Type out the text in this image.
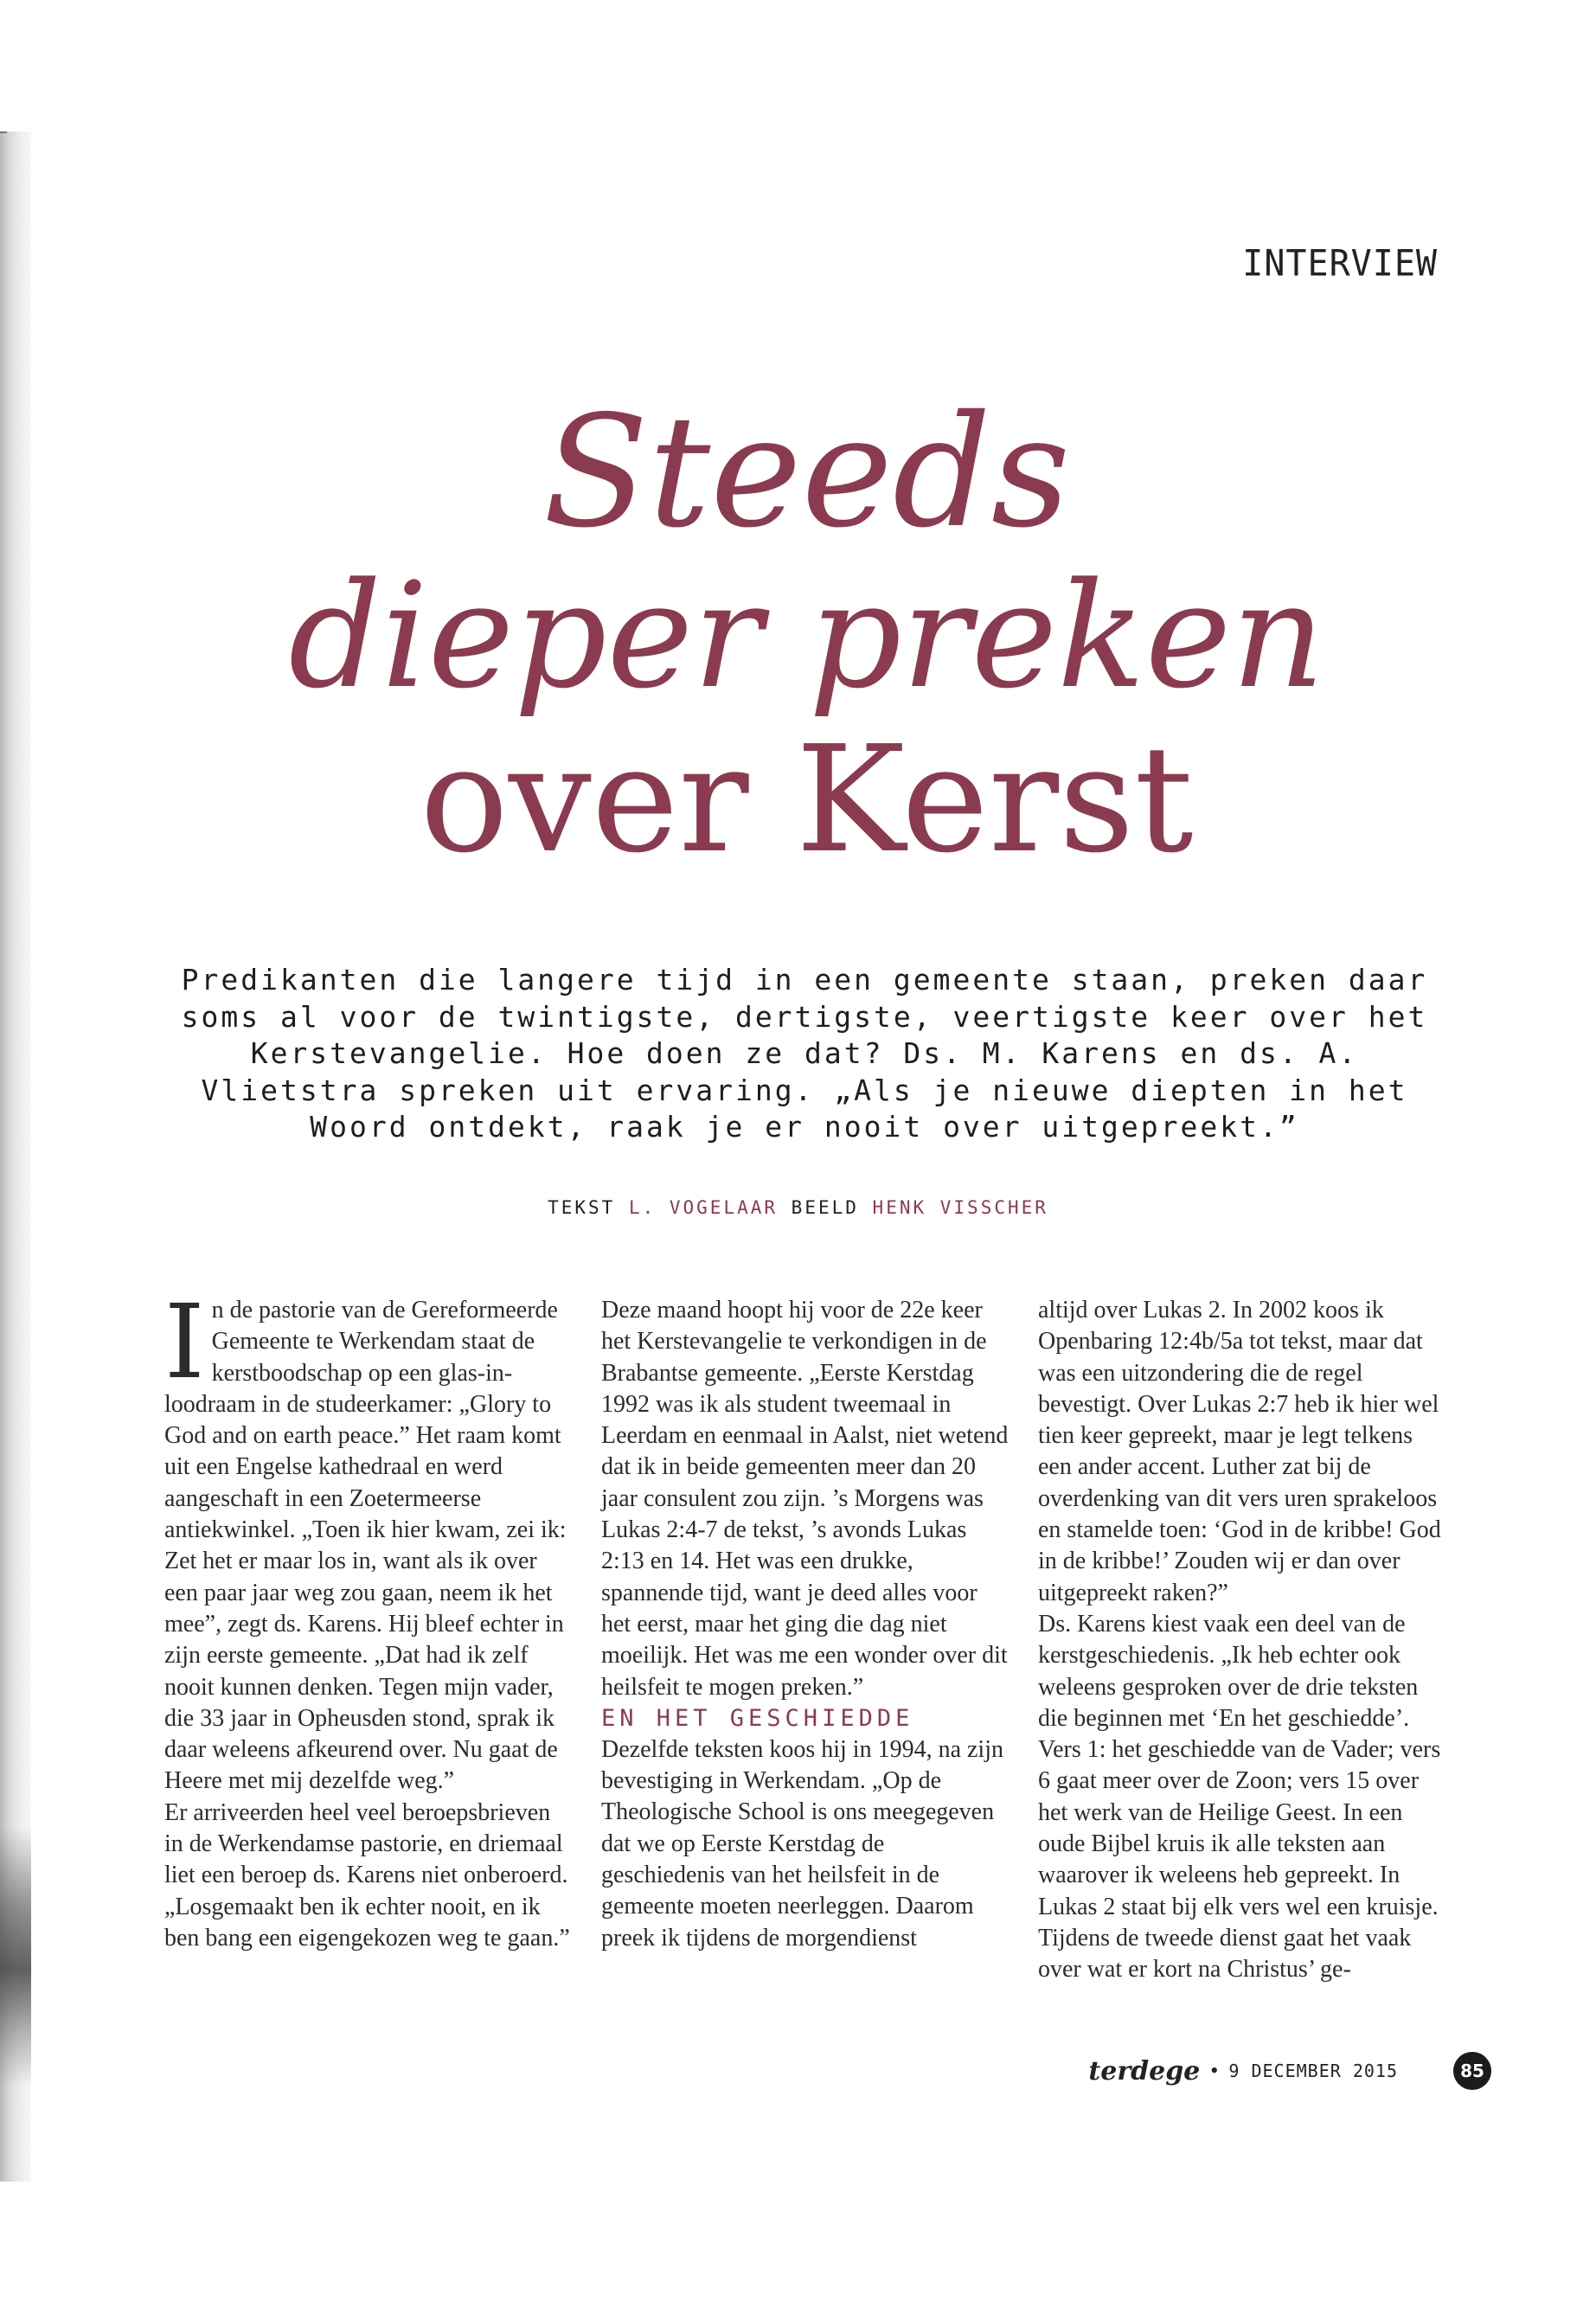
INTERVIEW
Steeds
dieper preken
over Kerst

Predikanten die langere tijd in een gemeente staan, preken daar soms al voor de twintigste, dertigste, veertigste keer over het Kerstevangelie. Hoe doen ze dat? Ds. M. Karens en ds. A. Vlietstra spreken uit ervaring. „Als je nieuwe diepten in het Woord ontdekt, raak je er nooit over uitgepreekt.”

TEKST L. VOGELAAR BEELD HENK VISSCHER
I n de pastorie van de Gereformeerde Gemeente te Werkendam staat de kerstboodschap op een glas-in-loodraam in de studeerkamer: „Glory to God and on earth peace.” Het raam komt uit een Engelse kathedraal en werd aangeschaft in een Zoetermeerse antiekwinkel. „Toen ik hier kwam, zei ik: Zet het er maar los in, want als ik over een paar jaar weg zou gaan, neem ik het mee”, zegt ds. Karens. Hij bleef echter in zijn eerste gemeente. „Dat had ik zelf nooit kunnen denken. Tegen mijn vader, die 33 jaar in Opheusden stond, sprak ik daar weleens afkeurend over. Nu gaat de Heere met mij dezelfde weg.”

Er arriveerden heel veel beroepsbrieven in de Werkendamse pastorie, en driemaal liet een beroep ds. Karens niet onberoerd. „Losgemaakt ben ik echter nooit, en ik ben bang een eigengekozen weg te gaan.”

Deze maand hoopt hij voor de 22e keer het Kerstevangelie te verkondigen in de Brabantse gemeente. „Eerste Kerstdag 1992 was ik als student tweemaal in Leerdam en eenmaal in Aalst, niet wetend dat ik in beide gemeenten meer dan 20 jaar consulent zou zijn. ’s Morgens was Lukas 2:4-7 de tekst, ’s avonds Lukas 2:13 en 14. Het was een drukke, spannende tijd, want je deed alles voor het eerst, maar het ging die dag niet moeilijk. Het was me een wonder over dit heilsfeit te mogen preken.”

EN HET GESCHIEDDE

Dezelfde teksten koos hij in 1994, na zijn bevestiging in Werkendam. „Op de Theologische School is ons meegegeven dat we op Eerste Kerstdag de geschiedenis van het heilsfeit in de gemeente moeten neerleggen. Daarom preek ik tijdens de morgendienst

altijd over Lukas 2. In 2002 koos ik Openbaring 12:4b/5a tot tekst, maar dat was een uitzondering die de regel bevestigt. Over Lukas 2:7 heb ik hier wel tien keer gepreekt, maar je legt telkens een ander accent. Luther zat bij de overdenking van dit vers uren sprakeloos en stamelde toen: ‘God in de kribbe! God in de kribbe!’ Zouden wij er dan over uitgepreekt raken?”

Ds. Karens kiest vaak een deel van de kerstgeschiedenis. „Ik heb echter ook weleens gesproken over de drie teksten die beginnen met ‘En het geschiedde’. Vers 1: het geschiedde van de Vader; vers 6 gaat meer over de Zoon; vers 15 over het werk van de Heilige Geest. In een oude Bijbel kruis ik alle teksten aan waarover ik weleens heb gepreekt. In Lukas 2 staat bij elk vers wel een kruisje.

Tijdens de tweede dienst gaat het vaak over wat er kort na Christus’ ge-

terdege • 9 DECEMBER 2015	85
